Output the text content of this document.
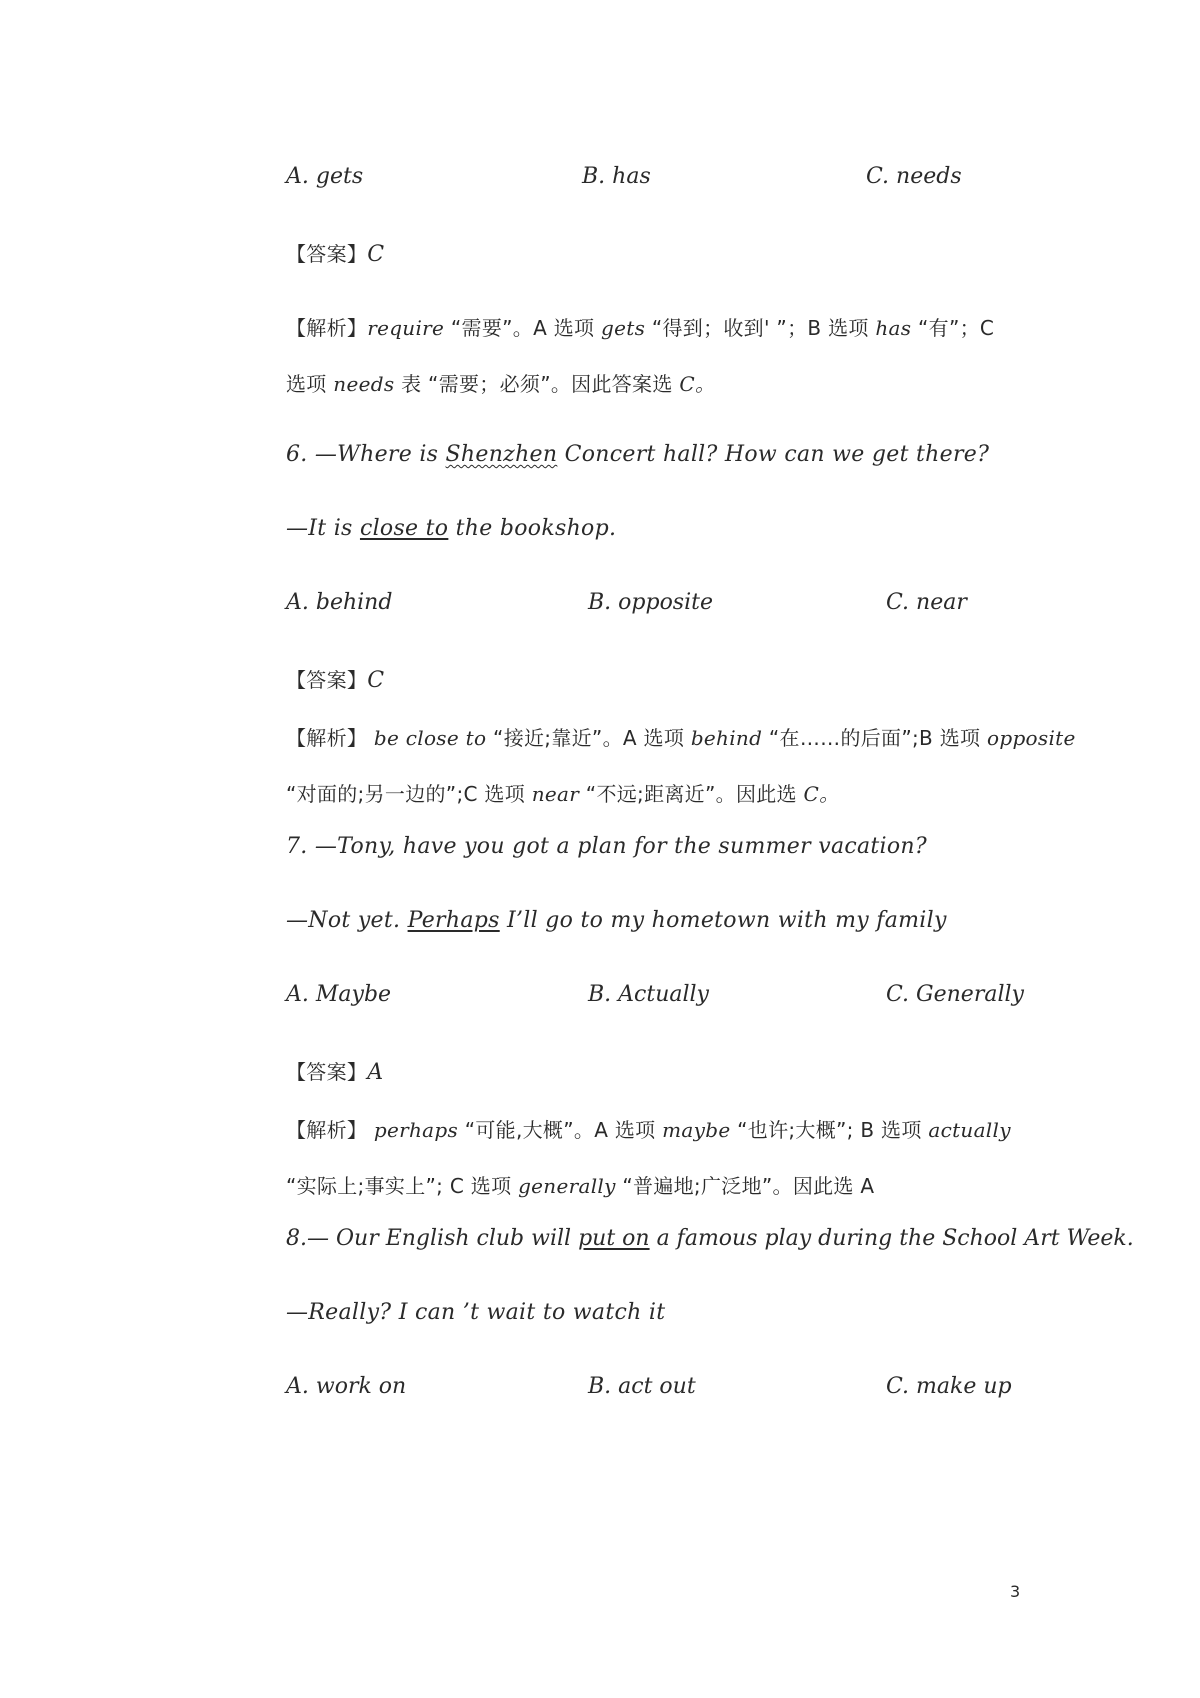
A. gets	B. has	C. needs
【答案】C
【解析】require “需要”。A 选项 gets “得到；收到' ”；B 选项 has “有”；C
选项 needs 表 “需要；必须”。因此答案选 C。
6. —Where is Shenzhen Concert hall? How can we get there?
—It is close to the bookshop.
A. behind	B. opposite	C. near
【答案】C
【解析】 be close to “接近;靠近”。A 选项 behind “在……的后面”;B 选项 opposite
“对面的;另一边的”;C 选项 near “不远;距离近”。因此选 C。
7. —Tony, have you got a plan for the summer vacation?
—Not yet. Perhaps I’ll go to my hometown with my family
A. Maybe	B. Actually	C. Generally
【答案】A
【解析】 perhaps “可能,大概”。A 选项 maybe “也许;大概”; B 选项 actually
“实际上;事实上”; C 选项 generally “普遍地;广泛地”。因此选 A
8.— Our English club will put on a famous play during the School Art Week.
—Really? I can ’t wait to watch it
A. work on	B. act out	C. make up
3
